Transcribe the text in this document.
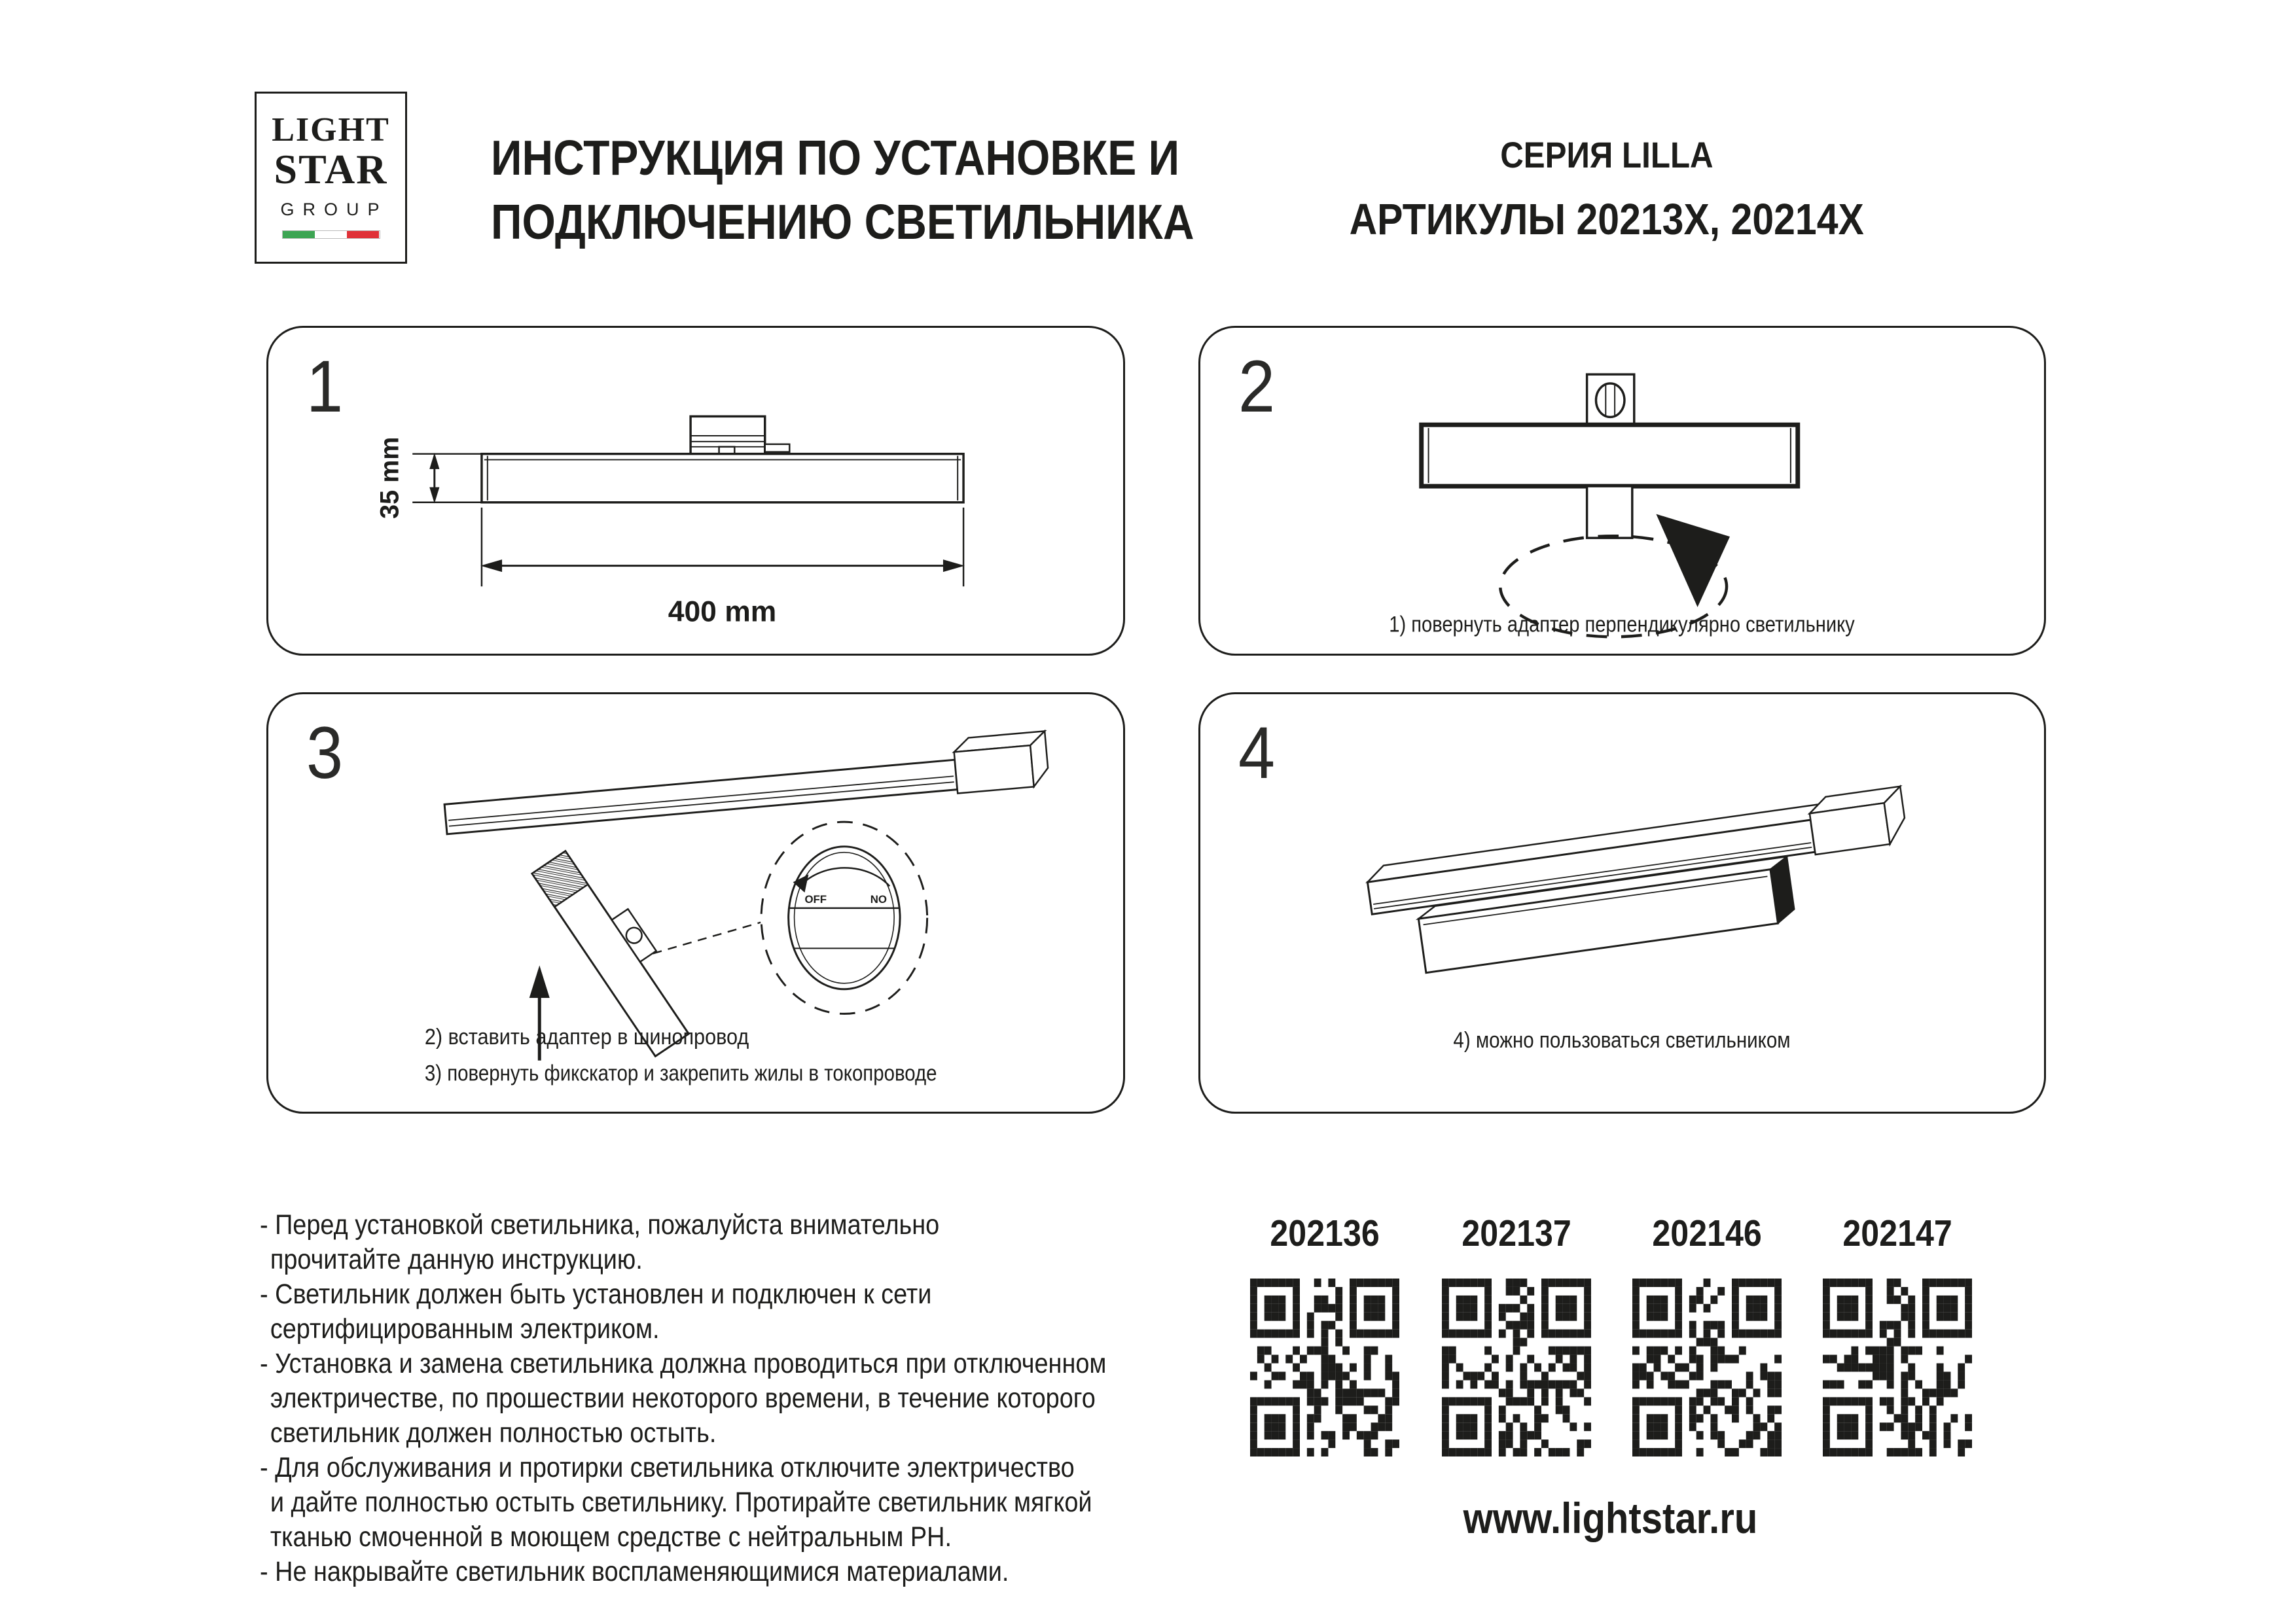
LIGHT
STAR
GROUP
ИНСТРУКЦИЯ ПО УСТАНОВКЕ И
ПОДКЛЮЧЕНИЮ СВЕТИЛЬНИКА
СЕРИЯ LILLA
АРТИКУЛЫ 20213X, 20214X
1
35 mm
400 mm
2
1) повернуть адаптер перпендикулярно светильнику
3
OFF	NO
2) вставить адаптер в шинопровод
3) повернуть фикскатор и закрепить жилы в токопроводе
4
4) можно пользоваться светильником
- Перед установкой светильника, пожалуйста внимательно
прочитайте данную инструкцию.
- Светильник должен быть установлен и подключен к сети
сертифицированным электриком.
- Установка и замена светильника должна проводиться при отключенном
электричестве, по прошествии некоторого времени, в течение которого
светильник должен полностью остыть.
- Для обслуживания и протирки светильника отключите электричество
и дайте полностью остыть светильнику. Протирайте светильник мягкой
тканью смоченной в моющем средстве с нейтральным PH.
- Не накрывайте светильник воспламеняющимися материалами.
202136	202137	202146	202147
www.lightstar.ru
